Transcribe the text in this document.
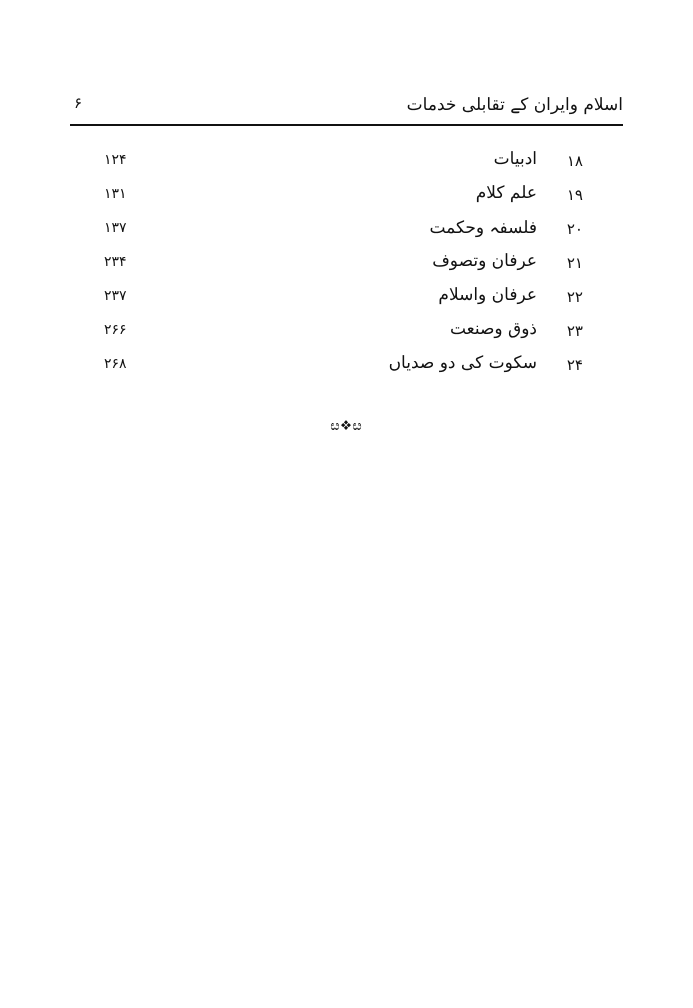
اسلام وایران کے تقابلی خدمات
۶
۱۸
ادبیات
۱۲۴
۱۹
علم کلام
۱۳۱
۲۰
فلسفہ وحکمت
۱۳۷
۲۱
عرفان وتصوف
۲۳۴
۲۲
عرفان واسلام
۲۳۷
۲۳
ذوق وصنعت
۲۶۶
۲۴
سکوت کی دو صدیاں
۲۶۸
ೞ❖ೞ
